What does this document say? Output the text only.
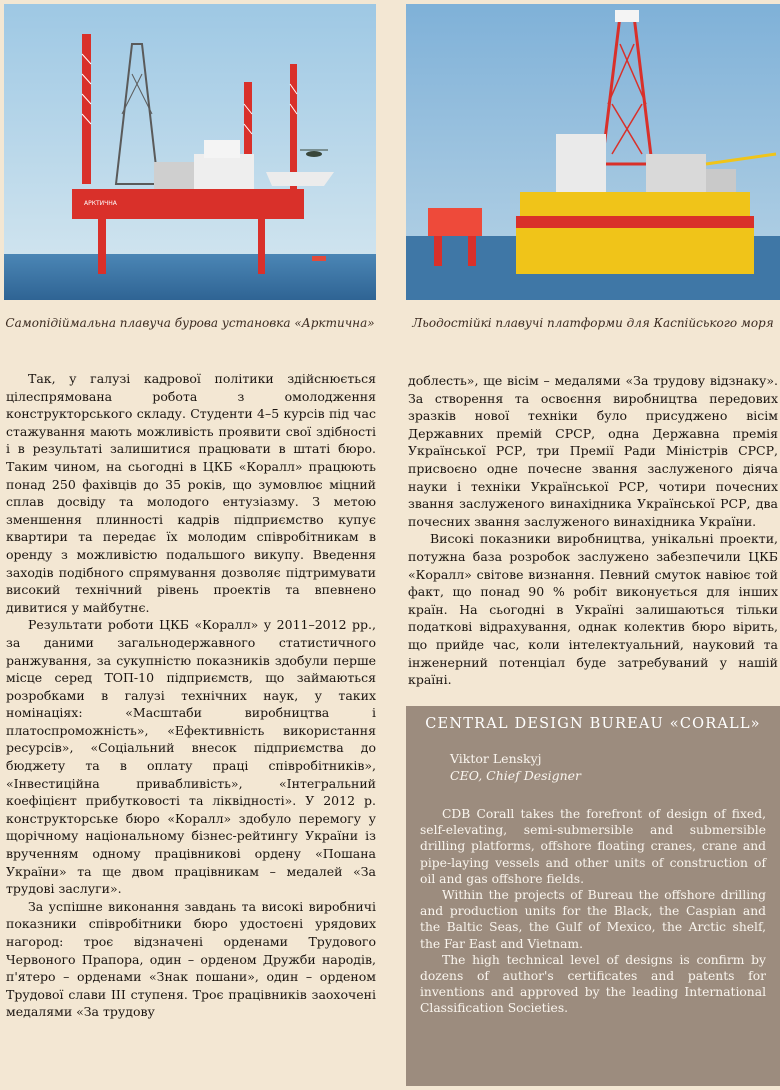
АРКТИЧНА
Самопідіймальна плавуча бурова установка «Арктична»	Льодостійкі плавучі платформи для Каспійського моря

Так, у галузі кадрової політики здійснюється цілеспрямована робота з омолодження конструкторського складу. Студенти 4–5 курсів під час стажування мають можливість проявити свої здібності і в результаті залишитися працювати в штаті бюро. Таким чином, на сьогодні в ЦКБ «Коралл» працюють понад 250 фахівців до 35 років, що зумовлює міцний сплав досвіду та молодого ентузіазму. З метою зменшення плинності кадрів підприємство купує квартири та передає їх молодим співробітникам в оренду з можливістю подальшого викупу. Введення заходів подібного спрямування дозволяє підтримувати високий технічний рівень проектів та впевнено дивитися у майбутнє.

Результати роботи ЦКБ «Коралл» у 2011–2012 рр., за даними загальнодержавного статистичного ранжування, за сукупністю показників здобули перше місце серед ТОП-10 підприємств, що займаються розробками в галузі технічних наук, у таких номінаціях: «Масштаби виробництва і платоспроможність», «Ефективність використання ресурсів», «Соціальний внесок підприємства до бюджету та в оплату праці співробітників», «Інвестиційна привабливість», «Інтегральний коефіцієнт прибутковості та ліквідності». У 2012 р. конструкторське бюро «Коралл» здобуло перемогу у щорічному національному бізнес-рейтингу України із врученням одному працівникові ордену «Пошана України» та ще двом працівникам – медалей «За трудові заслуги».

За успішне виконання завдань та високі виробничі показники співробітники бюро удостоєні урядових нагород: троє відзначені орденами Трудового Червоного Прапора, один – орденом Дружби народів, п'ятеро – орденами «Знак пошани», один – орденом Трудової слави III ступеня. Троє працівників заохочені медалями «За трудову

доблесть», ще вісім – медалями «За трудову відзнаку». За створення та освоєння виробництва передових зразків нової техніки було присуджено вісім Державних премій СРСР, одна Державна премія Української РСР, три Премії Ради Міністрів СРСР, присвоєно одне почесне звання заслуженого діяча науки і техніки Української РСР, чотири почесних звання заслуженого винахідника Української РСР, два почесних звання заслуженого винахідника України.

Високі показники виробництва, унікальні проекти, потужна база розробок заслужено забезпечили ЦКБ «Коралл» світове визнання. Певний смуток навіює той факт, що понад 90 % робіт виконується для інших країн. На сьогодні в Україні залишаються тільки податкові відрахування, однак колектив бюро вірить, що прийде час, коли інтелектуальний, науковий та інженерний потенціал буде затребуваний у нашій країні.

CENTRAL DESIGN BUREAU «CORALL»
Viktor Lenskyj
CEO, Chief Designer

CDB Corall takes the forefront of design of fixed, self-elevating, semi-submersible and submersible drilling platforms, offshore floating cranes, crane and pipe-laying vessels and other units of construction of oil and gas offshore fields.

Within the projects of Bureau the offshore drilling and production units for the Black, the Caspian and the Baltic Seas, the Gulf of Mexico, the Arctic shelf, the Far East and Vietnam.

The high technical level of designs is confirm by dozens of author's certificates and patents for inventions and approved by the leading International Classification Societies.
